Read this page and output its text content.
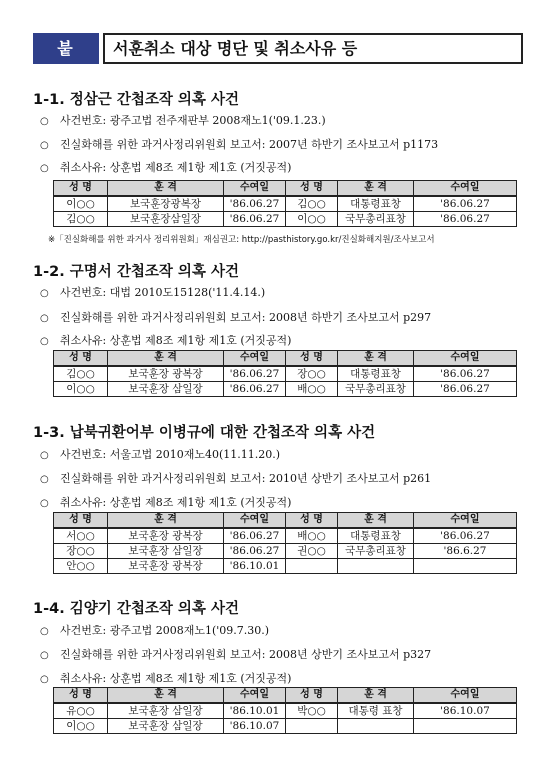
붙 임
서훈취소 대상 명단 및 취소사유 등
1-1. 정삼근 간첩조작 의혹 사건
○ 사건번호: 광주고법 전주재판부 2008재노1('09.1.23.)
○ 진실화해를 위한 과거사정리위원회 보고서: 2007년 하반기 조사보고서 p1173
○ 취소사유: 상훈법 제8조 제1항 제1호 (거짓공적)
성 명	훈 격	수여일	성 명	훈 격	수여일
이○○	보국훈장광복장	'86.06.27	김○○	대통령표창	'86.06.27
김○○	보국훈장삼일장	'86.06.27	이○○	국무총리표창	'86.06.27
※「진실화해를 위한 과거사 정리위원회」재심권고: http://pasthistory.go.kr/진실화해지원/조사보고서
1-2. 구명서 간첩조작 의혹 사건
○ 사건번호: 대법 2010도15128('11.4.14.)
○ 진실화해를 위한 과거사정리위원회 보고서: 2008년 하반기 조사보고서 p297
○ 취소사유: 상훈법 제8조 제1항 제1호 (거짓공적)
성 명	훈 격	수여일	성 명	훈 격	수여일
김○○	보국훈장 광복장	'86.06.27	장○○	대통령표창	'86.06.27
이○○	보국훈장 삼일장	'86.06.27	배○○	국무총리표창	'86.06.27
1-3. 납북귀환어부 이병규에 대한 간첩조작 의혹 사건
○ 사건번호: 서울고법 2010재노40(11.11.20.)
○ 진실화해를 위한 과거사정리위원회 보고서: 2010년 상반기 조사보고서 p261
○ 취소사유: 상훈법 제8조 제1항 제1호 (거짓공적)
성 명	훈 격	수여일	성 명	훈 격	수여일
서○○	보국훈장 광복장	'86.06.27	배○○	대통령표창	'86.06.27
장○○	보국훈장 삼일장	'86.06.27	권○○	국무총리표창	'86.6.27
안○○	보국훈장 광복장	'86.10.01			
1-4. 김양기 간첩조작 의혹 사건
○ 사건번호: 광주고법 2008재노1('09.7.30.)
○ 진실화해를 위한 과거사정리위원회 보고서: 2008년 상반기 조사보고서 p327
○ 취소사유: 상훈법 제8조 제1항 제1호 (거짓공적)
성 명	훈 격	수여일	성 명	훈 격	수여일
유○○	보국훈장 삼일장	'86.10.01	박○○	대통령 표창	'86.10.07
이○○	보국훈장 삼일장	'86.10.07			
